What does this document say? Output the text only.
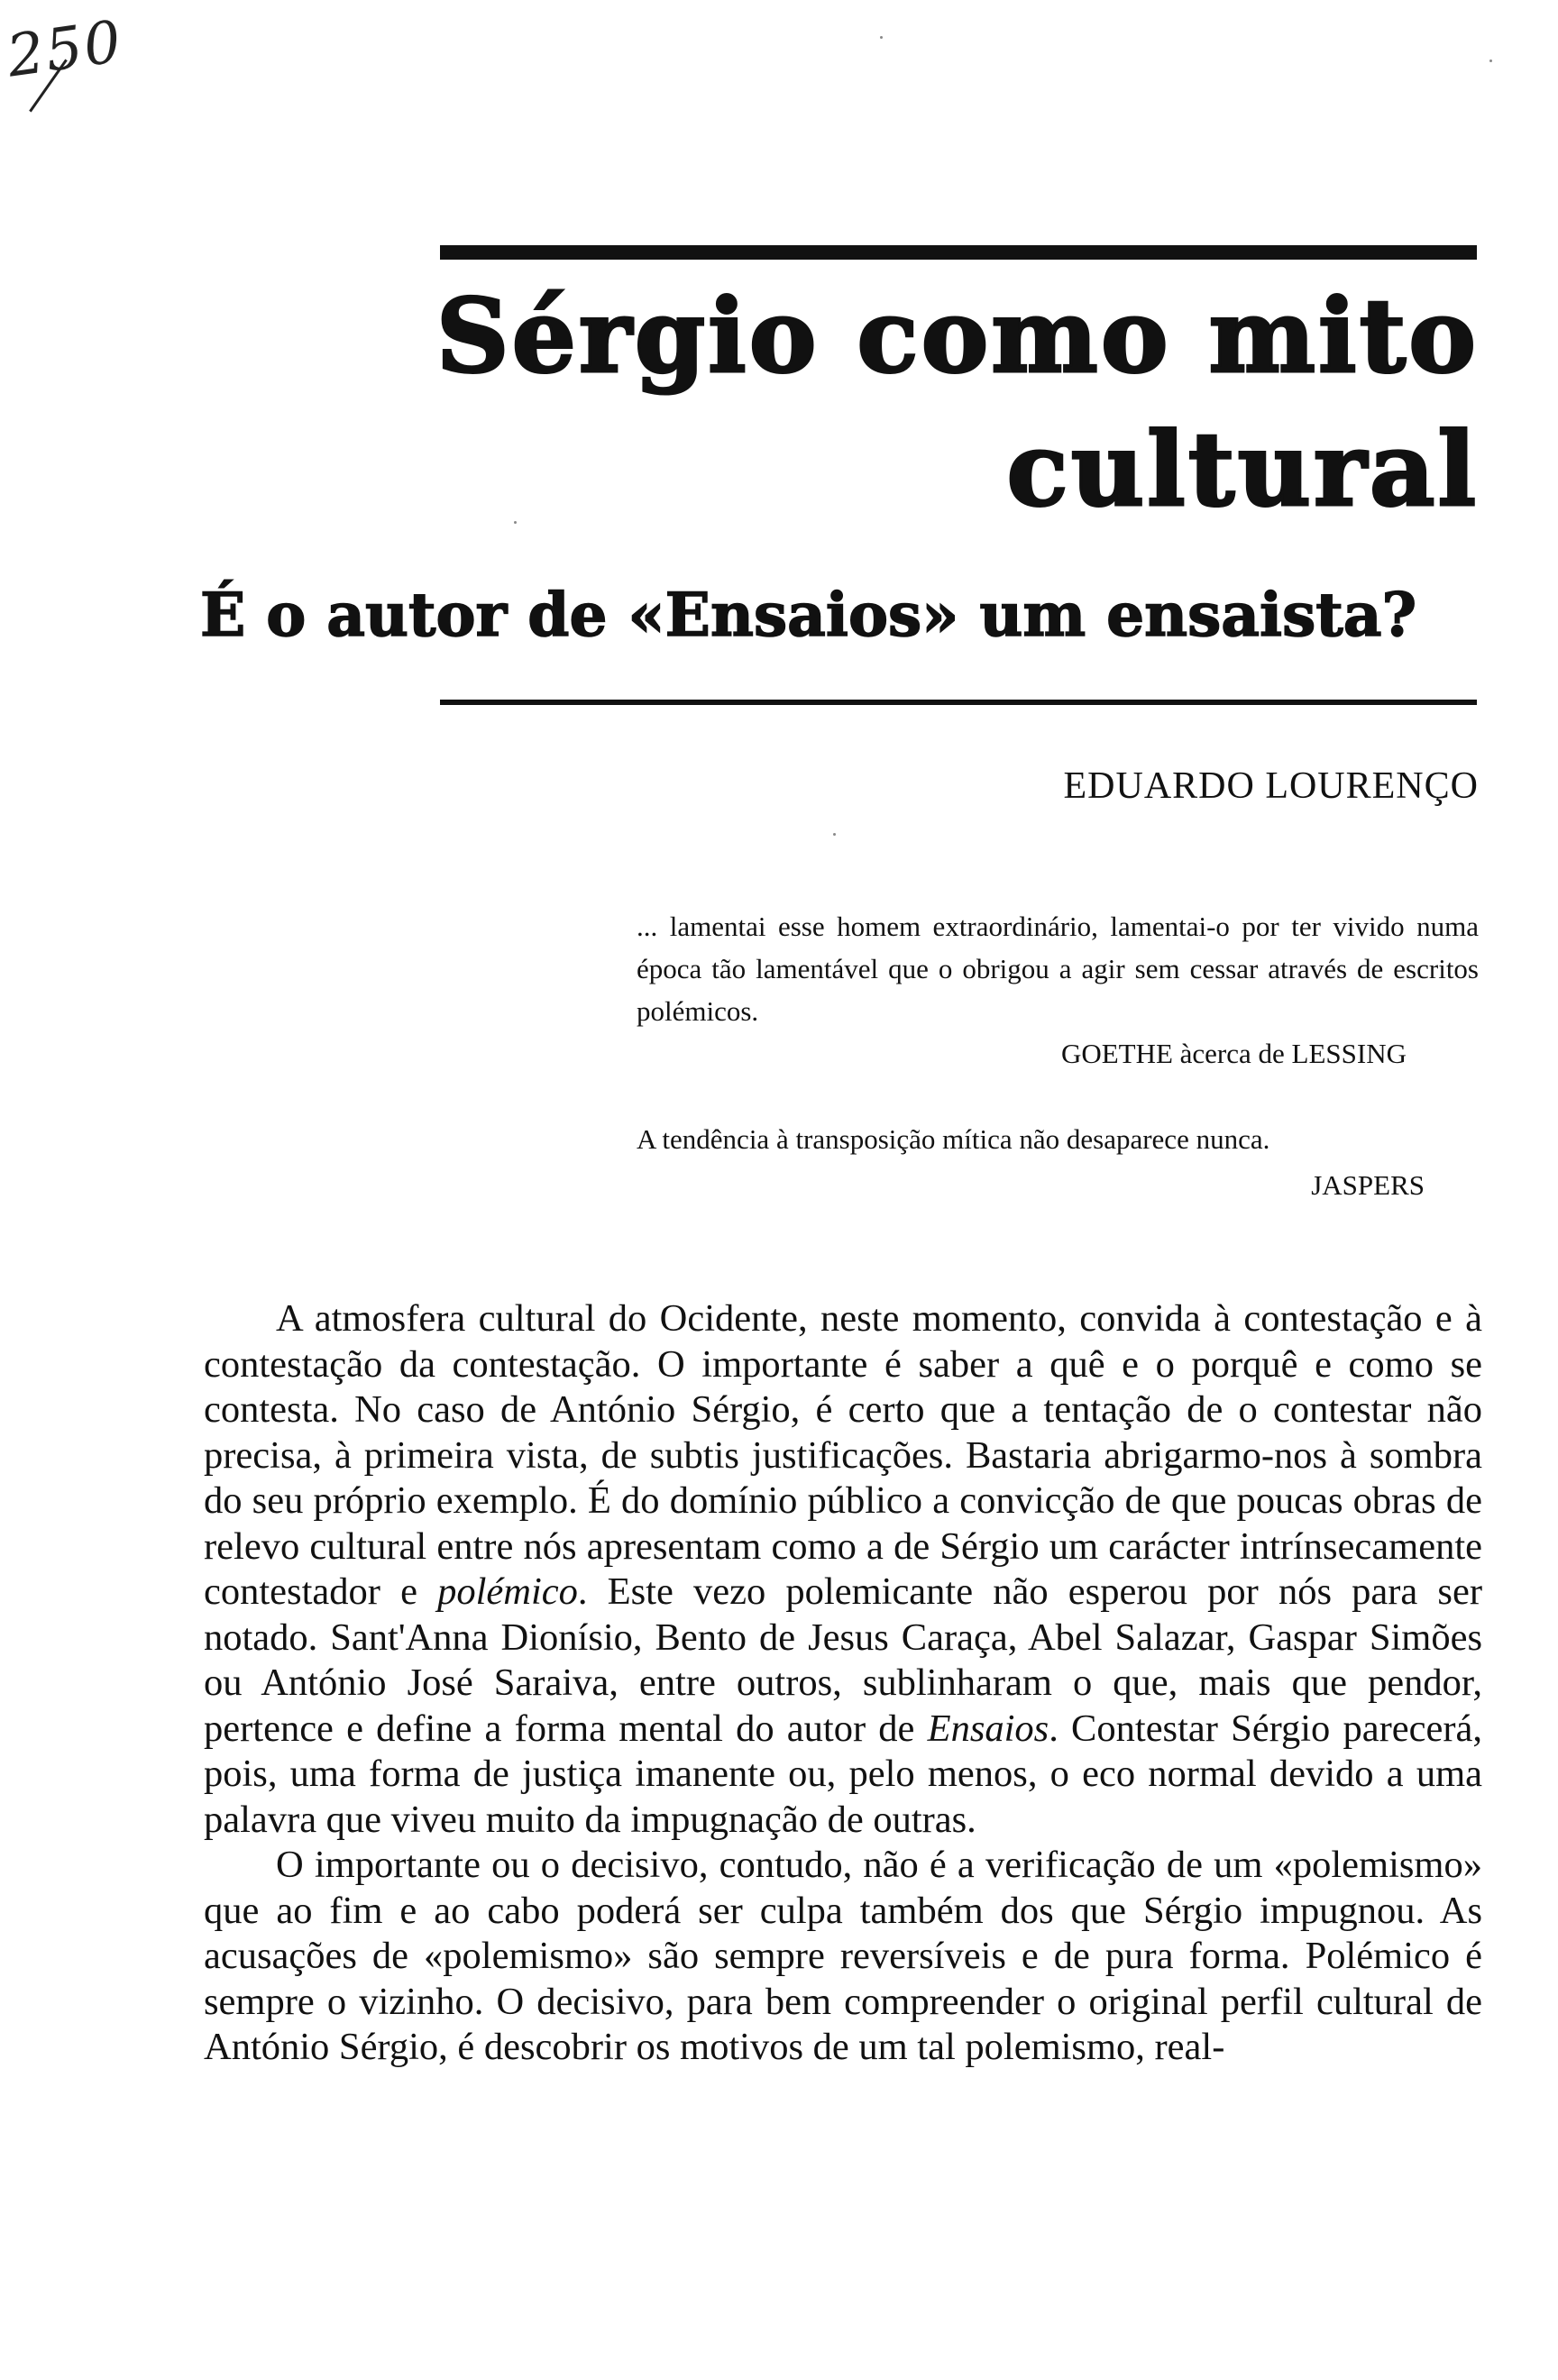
250
Sérgio como mito cultural
É o autor de «Ensaios» um ensaista?

EDUARDO LOURENÇO

... lamentai esse homem extraordinário, lamentai-o por ter vivido numa época tão lamentável que o obrigou a agir sem cessar através de escritos polémicos.
GOETHE àcerca de LESSING
A tendência à transposição mítica não desaparece nunca.
JASPERS

A atmosfera cultural do Ocidente, neste momento, convida à contestação e à contestação da contestação. O importante é saber a quê e o porquê e como se contesta. No caso de António Sérgio, é certo que a tentação de o contestar não precisa, à primeira vista, de subtis justificações. Bastaria abrigarmo-nos à sombra do seu próprio exemplo. É do domínio público a convicção de que poucas obras de relevo cultural entre nós apresentam como a de Sérgio um carácter intrínsecamente contestador e polémico. Este vezo polemicante não esperou por nós para ser notado. Sant'Anna Dionísio, Bento de Jesus Caraça, Abel Salazar, Gaspar Simões ou António José Saraiva, entre outros, sublinharam o que, mais que pendor, pertence e define a forma mental do autor de Ensaios. Contestar Sérgio parecerá, pois, uma forma de justiça imanente ou, pelo menos, o eco normal devido a uma palavra que viveu muito da impugnação de outras.

O importante ou o decisivo, contudo, não é a verificação de um «polemismo» que ao fim e ao cabo poderá ser culpa também dos que Sérgio impugnou. As acusações de «polemismo» são sempre reversíveis e de pura forma. Polémico é sempre o vizinho. O decisivo, para bem compreender o original perfil cultural de António Sérgio, é descobrir os motivos de um tal polemismo, real-
